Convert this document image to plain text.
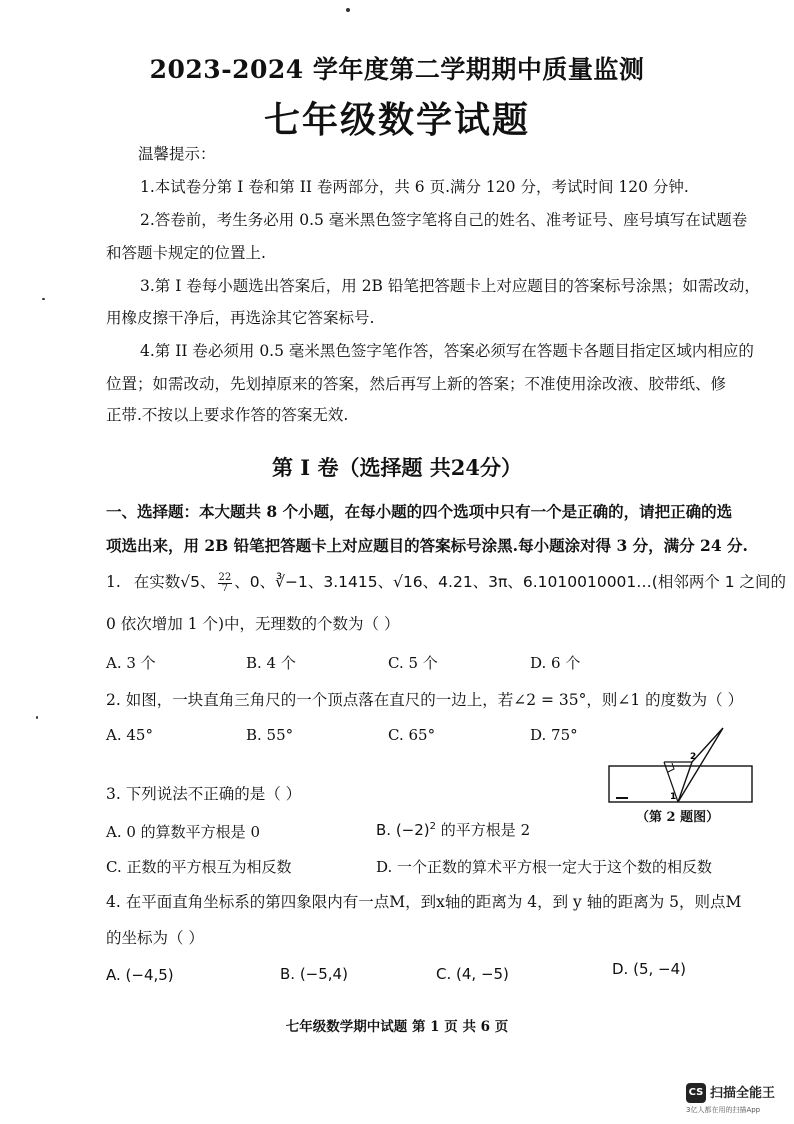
2023-2024 学年度第二学期期中质量监测
七年级数学试题
温馨提示：
1.本试卷分第 I 卷和第 II 卷两部分，共 6 页.满分 120 分，考试时间 120 分钟.
2.答卷前，考生务必用 0.5 毫米黑色签字笔将自己的姓名、准考证号、座号填写在试题卷
和答题卡规定的位置上.
3.第 I 卷每小题选出答案后，用 2B 铅笔把答题卡上对应题目的答案标号涂黑；如需改动，
用橡皮擦干净后，再选涂其它答案标号.
4.第 II 卷必须用 0.5 毫米黑色签字笔作答，答案必须写在答题卡各题目指定区域内相应的
位置；如需改动，先划掉原来的答案，然后再写上新的答案；不准使用涂改液、胶带纸、修
正带.不按以上要求作答的答案无效.
第 I 卷（选择题 共24分）
一、选择题：本大题共 8 个小题，在每小题的四个选项中只有一个是正确的，请把正确的选
项选出来，用 2B 铅笔把答题卡上对应题目的答案标号涂黑.每小题涂对得 3 分，满分 24 分.
1. 在实数√5、 $\frac{22}{7}$ 、0、∛−1、3.1415、√16、4.21、3π、6.1010010001…(相邻两个 1 之间的
0 依次增加 1 个)中，无理数的个数为（ ）
A. 3 个	B. 4 个	C. 5 个	D. 6 个
2. 如图，一块直角三角尺的一个顶点落在直尺的一边上，若∠2 = 35°，则∠1 的度数为（ ）
A. 45°	B. 55°	C. 65°	D. 75°
2
1
（第 2 题图）
3. 下列说法不正确的是（ ）
A. 0 的算数平方根是 0	B. $(-2)^2$ 的平方根是 2
C. 正数的平方根互为相反数	D. 一个正数的算术平方根一定大于这个数的相反数
4. 在平面直角坐标系的第四象限内有一点M，到x轴的距离为 4，到 y 轴的距离为 5，则点M
的坐标为（ ）
A. (−4,5)	B. (−5,4)	C. (4, −5)	D. (5, −4)
七年级数学期中试题 第 1 页 共 6 页
CS 扫描全能王
3亿人都在用的扫描App
